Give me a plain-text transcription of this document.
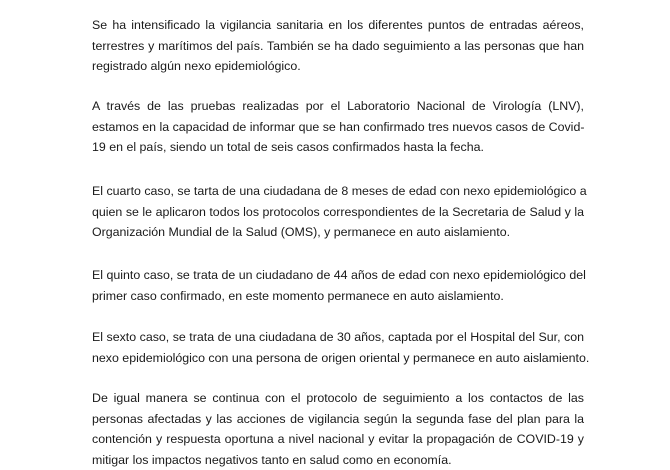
Se ha intensificado la vigilancia sanitaria en los diferentes puntos de entradas aéreos,
terrestres y marítimos del país. También se ha dado seguimiento a las personas que han
registrado algún nexo epidemiológico.

A través de las pruebas realizadas por el Laboratorio Nacional de Virología (LNV),
estamos en la capacidad de informar que se han confirmado tres nuevos casos de Covid-
19 en el país, siendo un total de seis casos confirmados hasta la fecha.

El cuarto caso, se tarta de una ciudadana de 8 meses de edad con nexo epidemiológico a
quien se le aplicaron todos los protocolos correspondientes de la Secretaria de Salud y la
Organización Mundial de la Salud (OMS), y permanece en auto aislamiento.

El quinto caso, se trata de un ciudadano de 44 años de edad con nexo epidemiológico del
primer caso confirmado, en este momento permanece en auto aislamiento.

El sexto caso, se trata de una ciudadana de 30 años, captada por el Hospital del Sur, con
nexo epidemiológico con una persona de origen oriental y permanece en auto aislamiento.

De igual manera se continua con el protocolo de seguimiento a los contactos de las
personas afectadas y las acciones de vigilancia según la segunda fase del plan para la
contención y respuesta oportuna a nivel nacional y evitar la propagación de COVID-19 y
mitigar los impactos negativos tanto en salud como en economía.
